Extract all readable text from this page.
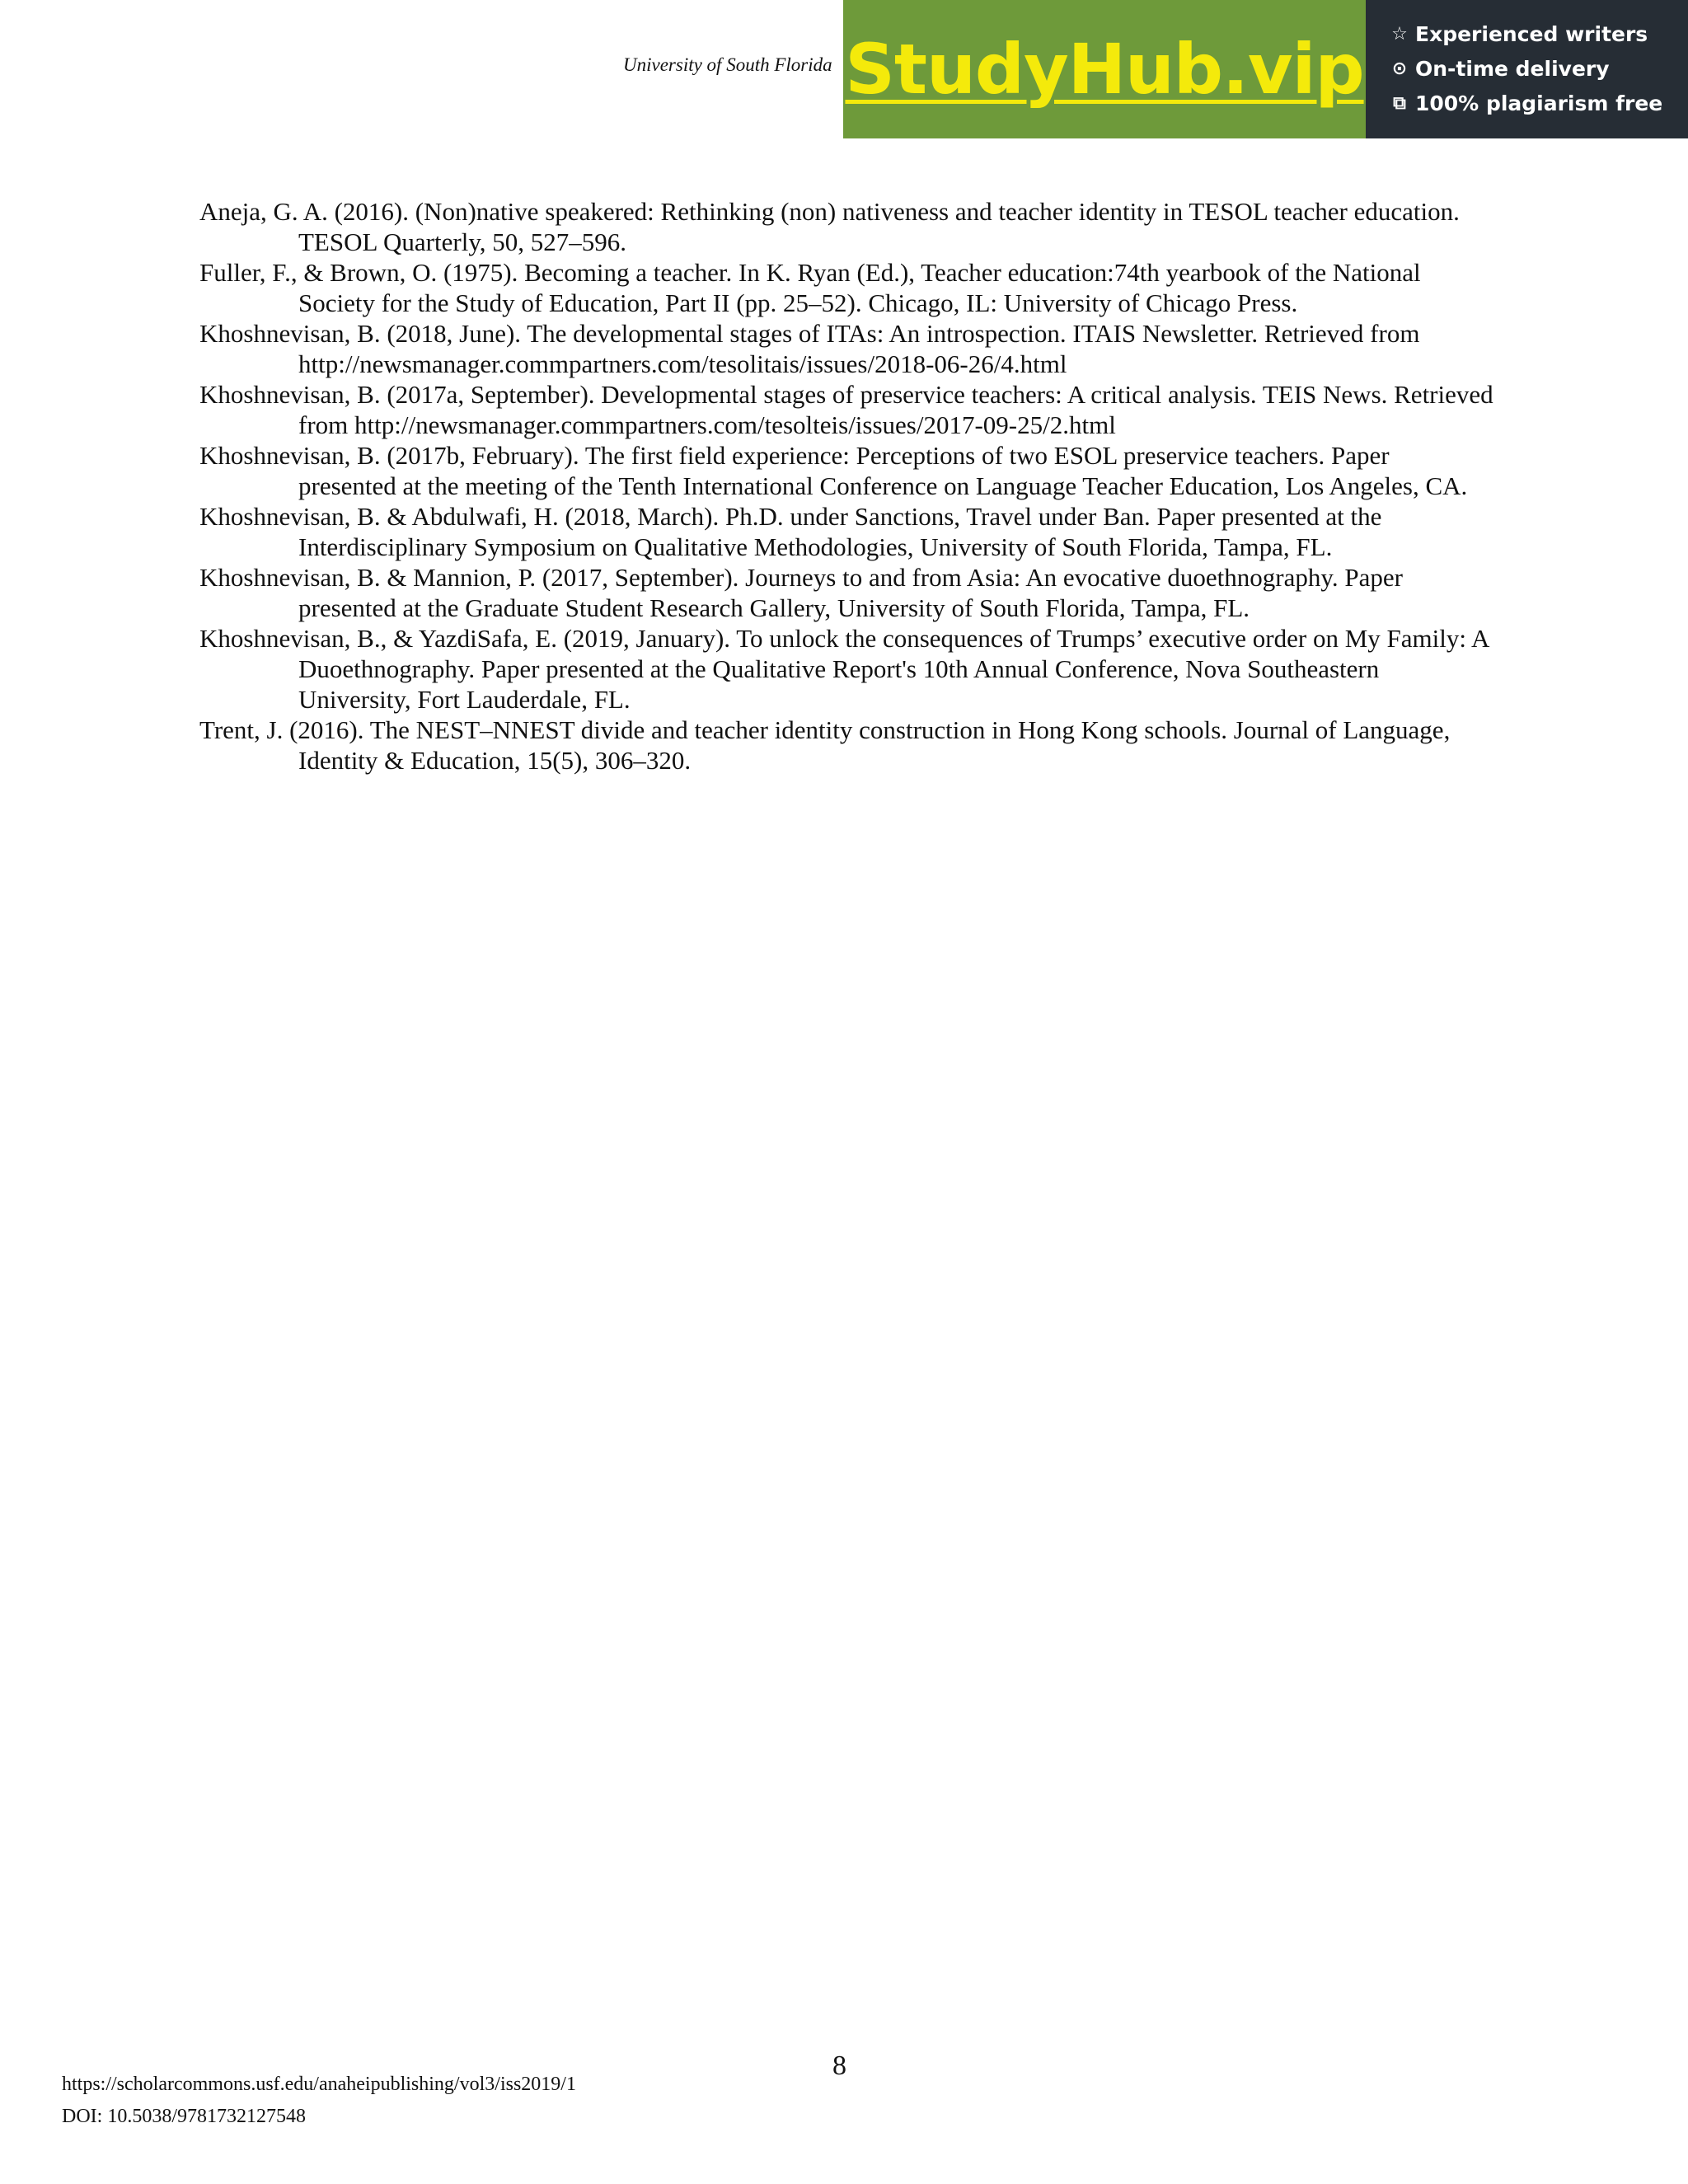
University of South Florida StudyHub.vip ☆ Experienced writers
⊙ On-time delivery
⧉ 100% plagiarism free

Aneja, G. A. (2016). (Non)native speakered: Rethinking (non) nativeness and teacher identity in TESOL teacher education. TESOL Quarterly, 50, 527–596.

Fuller, F., & Brown, O. (1975). Becoming a teacher. In K. Ryan (Ed.), Teacher education:74th yearbook of the National Society for the Study of Education, Part II (pp. 25–52). Chicago, IL: University of Chicago Press.

Khoshnevisan, B. (2018, June). The developmental stages of ITAs: An introspection. ITAIS Newsletter. Retrieved from http://newsmanager.commpartners.com/tesolitais/issues/2018-06-26/4.html

Khoshnevisan, B. (2017a, September). Developmental stages of preservice teachers: A critical analysis. TEIS News. Retrieved from http://newsmanager.commpartners.com/tesolteis/issues/2017-09-25/2.html

Khoshnevisan, B. (2017b, February). The first field experience: Perceptions of two ESOL preservice teachers. Paper presented at the meeting of the Tenth International Conference on Language Teacher Education, Los Angeles, CA.

Khoshnevisan, B. & Abdulwafi, H. (2018, March). Ph.D. under Sanctions, Travel under Ban. Paper presented at the Interdisciplinary Symposium on Qualitative Methodologies, University of South Florida, Tampa, FL.

Khoshnevisan, B. & Mannion, P. (2017, September). Journeys to and from Asia: An evocative duoethnography. Paper presented at the Graduate Student Research Gallery, University of South Florida, Tampa, FL.

Khoshnevisan, B., & YazdiSafa, E. (2019, January). To unlock the consequences of Trumps’ executive order on My Family: A Duoethnography. Paper presented at the Qualitative Report's 10th Annual Conference, Nova Southeastern University, Fort Lauderdale, FL.

Trent, J. (2016). The NEST–NNEST divide and teacher identity construction in Hong Kong schools. Journal of Language, Identity & Education, 15(5), 306–320.

8
https://scholarcommons.usf.edu/anaheipublishing/vol3/iss2019/1
DOI: 10.5038/9781732127548
